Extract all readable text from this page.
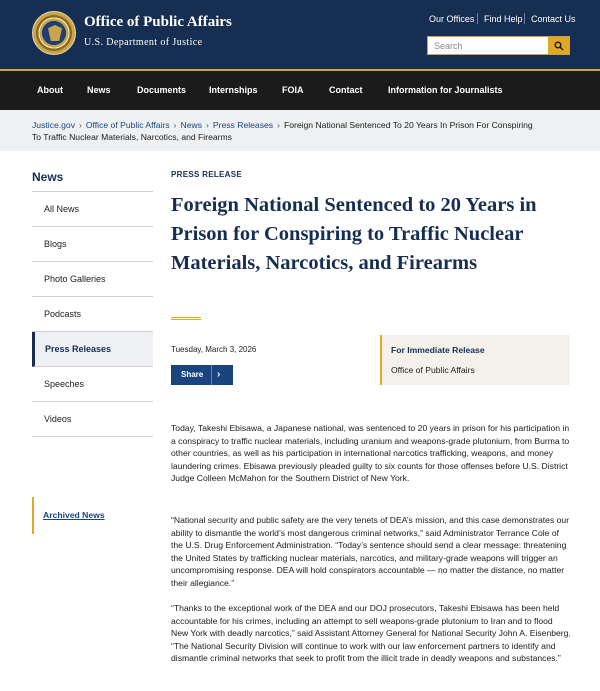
Office of Public Affairs
U.S. Department of Justice
Our Offices Find Help Contact Us
Search
About	News	Documents	Internships	FOIA	Contact	Information for Journalists
Justice.gov › Office of Public Affairs › News › Press Releases › Foreign National Sentenced To 20 Years In Prison For Conspiring
To Traffic Nuclear Materials, Narcotics, and Firearms
News
All News
Blogs
Photo Galleries
Podcasts
Press Releases
Speeches
Videos
Archived News
PRESS RELEASE
Foreign National Sentenced to 20 Years in Prison for Conspiring to Traffic Nuclear Materials, Narcotics, and Firearms
Tuesday, March 3, 2026
Share ›
For Immediate Release
Office of Public Affairs
Today, Takeshi Ebisawa, a Japanese national, was sentenced to 20 years in prison for his participation in a conspiracy to traffic nuclear materials, including uranium and weapons-grade plutonium, from Burma to other countries, as well as his participation in international narcotics trafficking, weapons, and money laundering crimes. Ebisawa previously pleaded guilty to six counts for those offenses before U.S. District Judge Colleen McMahon for the Southern District of New York.
“National security and public safety are the very tenets of DEA’s mission, and this case demonstrates our ability to dismantle the world’s most dangerous criminal networks,” said Administrator Terrance Cole of the U.S. Drug Enforcement Administration. “Today’s sentence should send a clear message: threatening the United States by trafficking nuclear materials, narcotics, and military-grade weapons will trigger an uncompromising response. DEA will hold conspirators accountable — no matter the distance, no matter their allegiance.”
“Thanks to the exceptional work of the DEA and our DOJ prosecutors, Takeshi Ebisawa has been held accountable for his crimes, including an attempt to sell weapons-grade plutonium to Iran and to flood New York with deadly narcotics,” said Assistant Attorney General for National Security John A. Eisenberg. “The National Security Division will continue to work with our law enforcement partners to identify and dismantle criminal networks that seek to profit from the illicit trade in deadly weapons and substances.”
